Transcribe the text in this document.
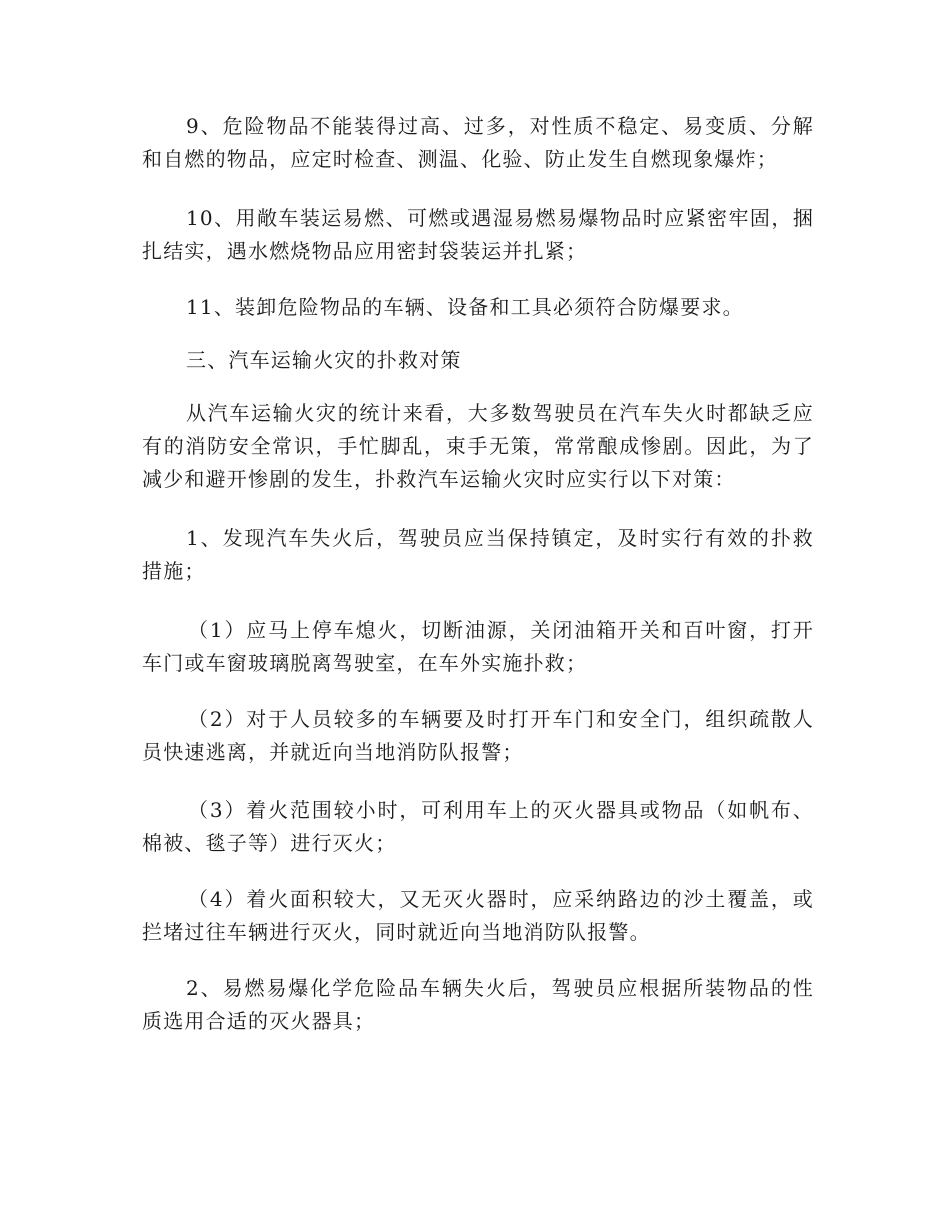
9、危险物品不能装得过高、过多，对性质不稳定、易变质、分解和自燃的物品，应定时检查、测温、化验、防止发生自燃现象爆炸；

10、用敞车装运易燃、可燃或遇湿易燃易爆物品时应紧密牢固，捆扎结实，遇水燃烧物品应用密封袋装运并扎紧；

11、装卸危险物品的车辆、设备和工具必须符合防爆要求。

三、汽车运输火灾的扑救对策

从汽车运输火灾的统计来看，大多数驾驶员在汽车失火时都缺乏应有的消防安全常识，手忙脚乱，束手无策，常常酿成惨剧。因此，为了减少和避开惨剧的发生，扑救汽车运输火灾时应实行以下对策：

1、发现汽车失火后，驾驶员应当保持镇定，及时实行有效的扑救措施；

（1）应马上停车熄火，切断油源，关闭油箱开关和百叶窗，打开车门或车窗玻璃脱离驾驶室，在车外实施扑救；

（2）对于人员较多的车辆要及时打开车门和安全门，组织疏散人员快速逃离，并就近向当地消防队报警；

（3）着火范围较小时，可利用车上的灭火器具或物品（如帆布、棉被、毯子等）进行灭火；

（4）着火面积较大，又无灭火器时，应采纳路边的沙土覆盖，或拦堵过往车辆进行灭火，同时就近向当地消防队报警。

2、易燃易爆化学危险品车辆失火后，驾驶员应根据所装物品的性质选用合适的灭火器具；
